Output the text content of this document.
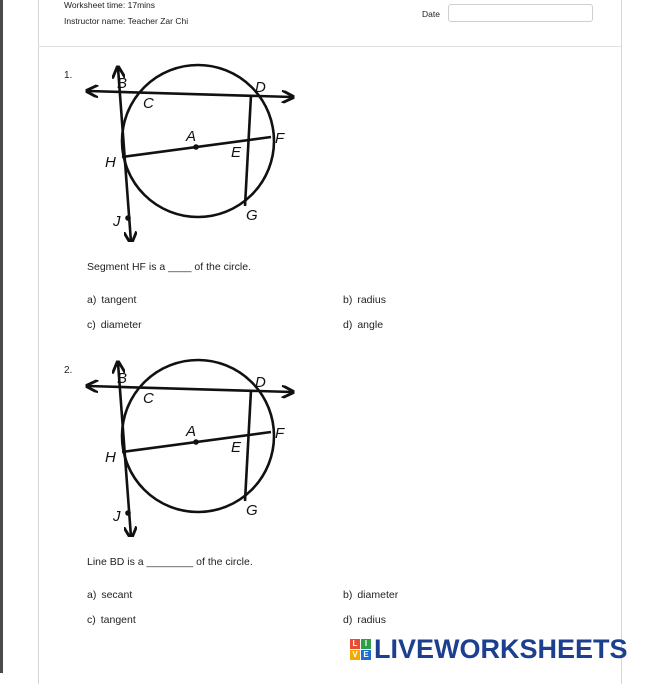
Worksheet time: 17mins
Instructor name: Teacher Zar Chi
Date
1.	B
C
D
A	F
E
H
G
J
Segment HF is a ____ of the circle.
a) tangent	b) radius
c) diameter	d) angle
2.	B
C
D
A	F
E
H
G
J
Line BD is a ________ of the circle.
a) secant	b) diameter
c) tangent	d) radius
L I
V E LIVEWORKSHEETS
